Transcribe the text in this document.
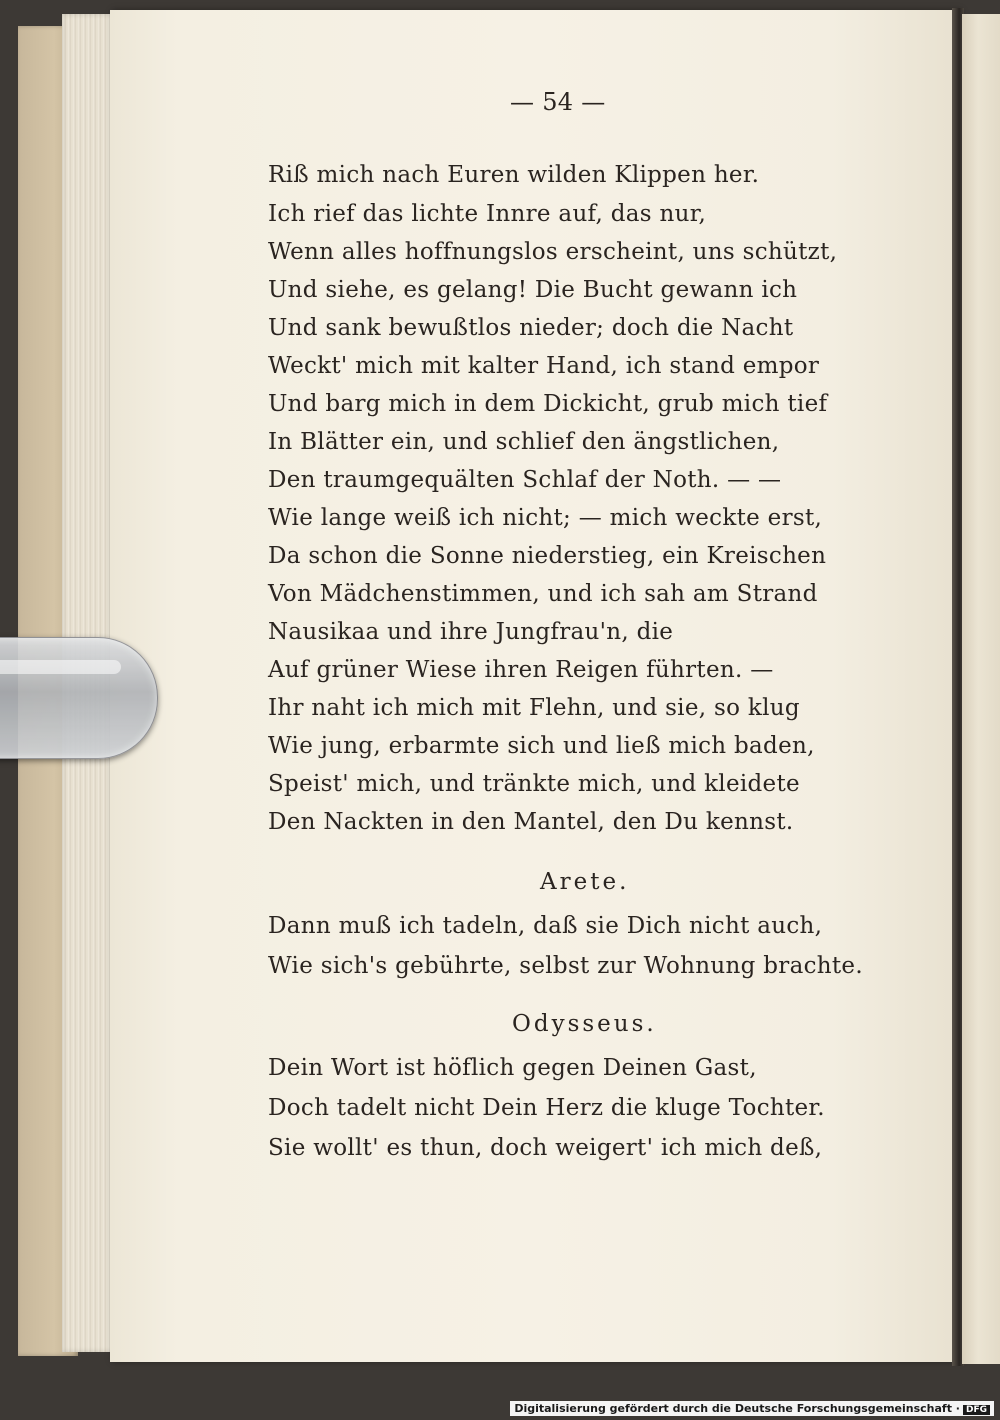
— 54 —
Riß mich nach Euren wilden Klippen her.
Ich rief das lichte Innre auf, das nur,
Wenn alles hoffnungslos erscheint, uns schützt,
Und siehe, es gelang! Die Bucht gewann ich
Und sank bewußtlos nieder; doch die Nacht
Weckt' mich mit kalter Hand, ich stand empor
Und barg mich in dem Dickicht, grub mich tief
In Blätter ein, und schlief den ängstlichen,
Den traumgequälten Schlaf der Noth. — —
Wie lange weiß ich nicht; — mich weckte erst,
Da schon die Sonne niederstieg, ein Kreischen
Von Mädchenstimmen, und ich sah am Strand
Nausikaa und ihre Jungfrau'n, die
Auf grüner Wiese ihren Reigen führten. —
Ihr naht ich mich mit Flehn, und sie, so klug
Wie jung, erbarmte sich und ließ mich baden,
Speist' mich, und tränkte mich, und kleidete
Den Nackten in den Mantel, den Du kennst.
Arete.
Dann muß ich tadeln, daß sie Dich nicht auch,
Wie sich's gebührte, selbst zur Wohnung brachte.
Odysseus.
Dein Wort ist höflich gegen Deinen Gast,
Doch tadelt nicht Dein Herz die kluge Tochter.
Sie wollt' es thun, doch weigert' ich mich deß,
Digitalisierung gefördert durch die Deutsche Forschungsgemeinschaft · DFG
